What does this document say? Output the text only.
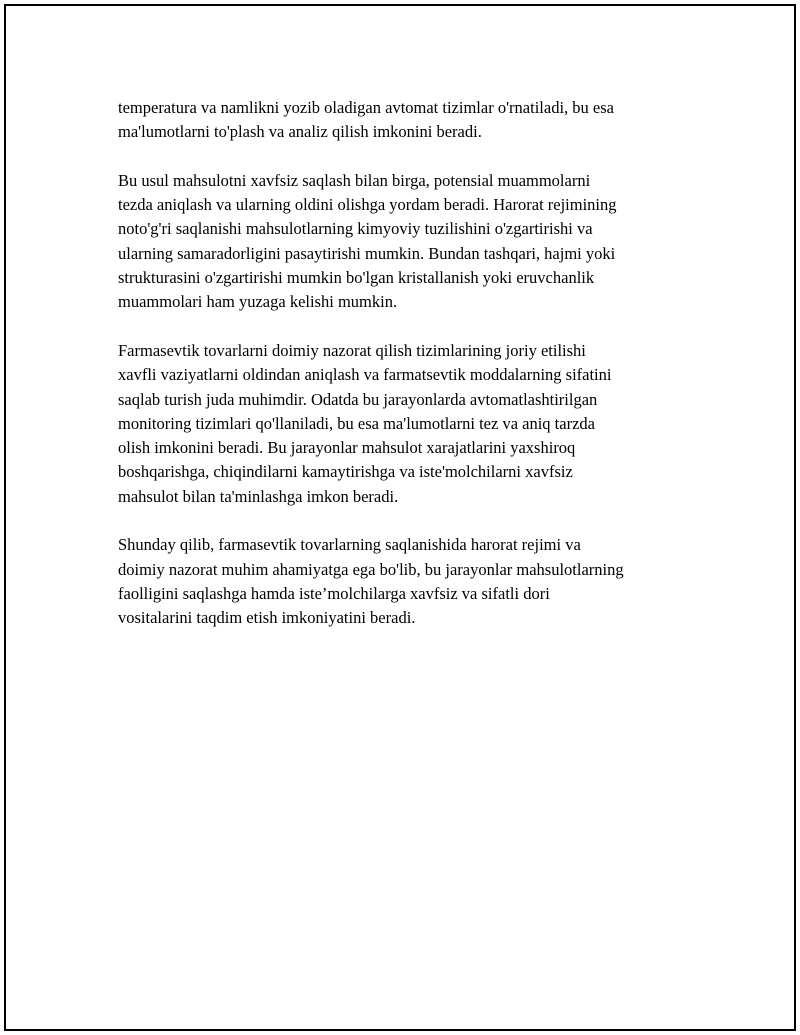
temperatura va namlikni yozib oladigan avtomat tizimlar o'rnatiladi, bu esa
ma'lumotlarni to'plash va analiz qilish imkonini beradi.

Bu usul mahsulotni xavfsiz saqlash bilan birga, potensial muammolarni
tezda aniqlash va ularning oldini olishga yordam beradi. Harorat rejimining
noto'g'ri saqlanishi mahsulotlarning kimyoviy tuzilishini o'zgartirishi va
ularning samaradorligini pasaytirishi mumkin. Bundan tashqari, hajmi yoki
strukturasini o'zgartirishi mumkin bo'lgan kristallanish yoki eruvchanlik
muammolari ham yuzaga kelishi mumkin.

Farmasevtik tovarlarni doimiy nazorat qilish tizimlarining joriy etilishi
xavfli vaziyatlarni oldindan aniqlash va farmatsevtik moddalarning sifatini
saqlab turish juda muhimdir. Odatda bu jarayonlarda avtomatlashtirilgan
monitoring tizimlari qo'llaniladi, bu esa ma'lumotlarni tez va aniq tarzda
olish imkonini beradi. Bu jarayonlar mahsulot xarajatlarini yaxshiroq
boshqarishga, chiqindilarni kamaytirishga va iste'molchilarni xavfsiz
mahsulot bilan ta'minlashga imkon beradi.

Shunday qilib, farmasevtik tovarlarning saqlanishida harorat rejimi va
doimiy nazorat muhim ahamiyatga ega bo'lib, bu jarayonlar mahsulotlarning
faolligini saqlashga hamda iste’molchilarga xavfsiz va sifatli dori
vositalarini taqdim etish imkoniyatini beradi.
